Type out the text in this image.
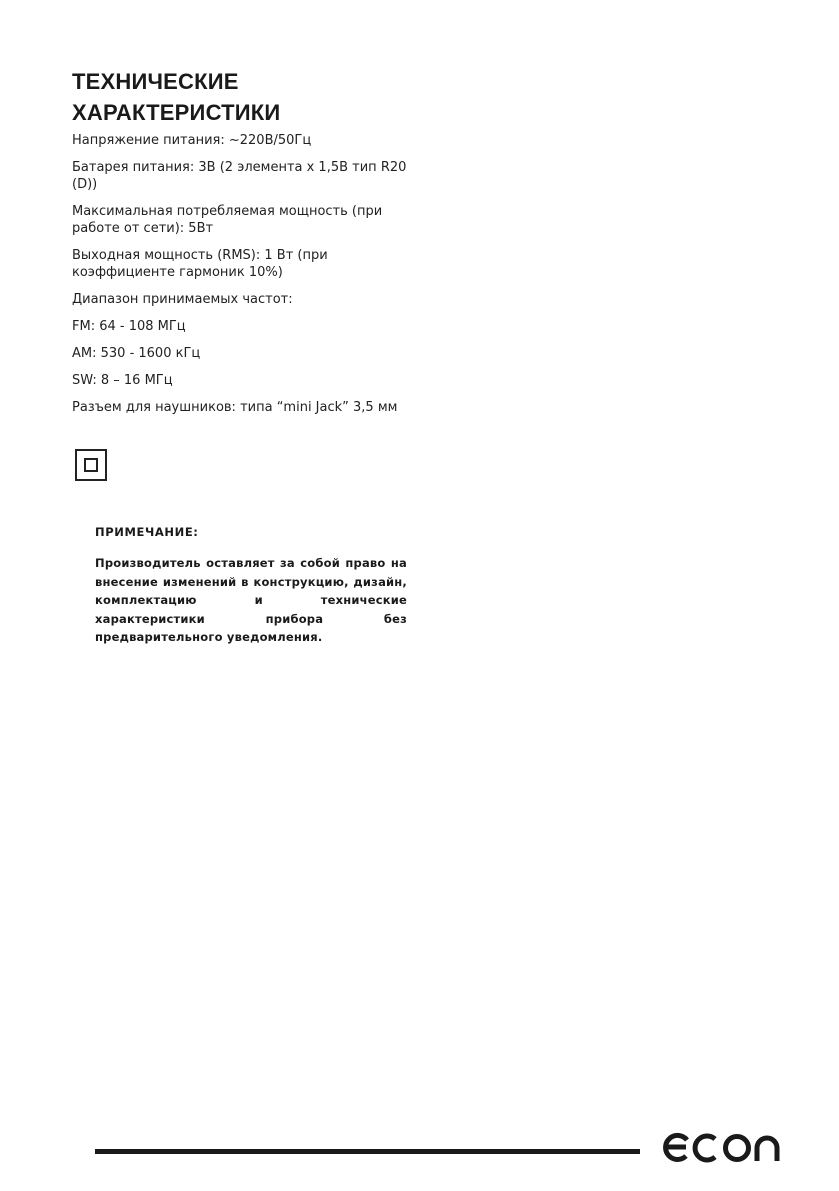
ТЕХНИЧЕСКИЕ
ХАРАКТЕРИСТИКИ

Напряжение питания: ~220В/50Гц

Батарея питания: 3В (2 элемента х 1,5В тип R20 (D))

Максимальная потребляемая мощность (при работе от сети): 5Вт

Выходная мощность (RMS): 1 Вт (при коэффициенте гармоник 10%)

Диапазон принимаемых частот:

FM: 64 - 108 МГц

AM: 530 - 1600 кГц

SW: 8 – 16 МГц

Разъем для наушников: типа “mini Jack” 3,5 мм

ПРИМЕЧАНИЕ:

Производитель оставляет за собой право на внесение изменений в конструкцию, дизайн, комплектацию и технические характеристики прибора без предварительного уведомления.
